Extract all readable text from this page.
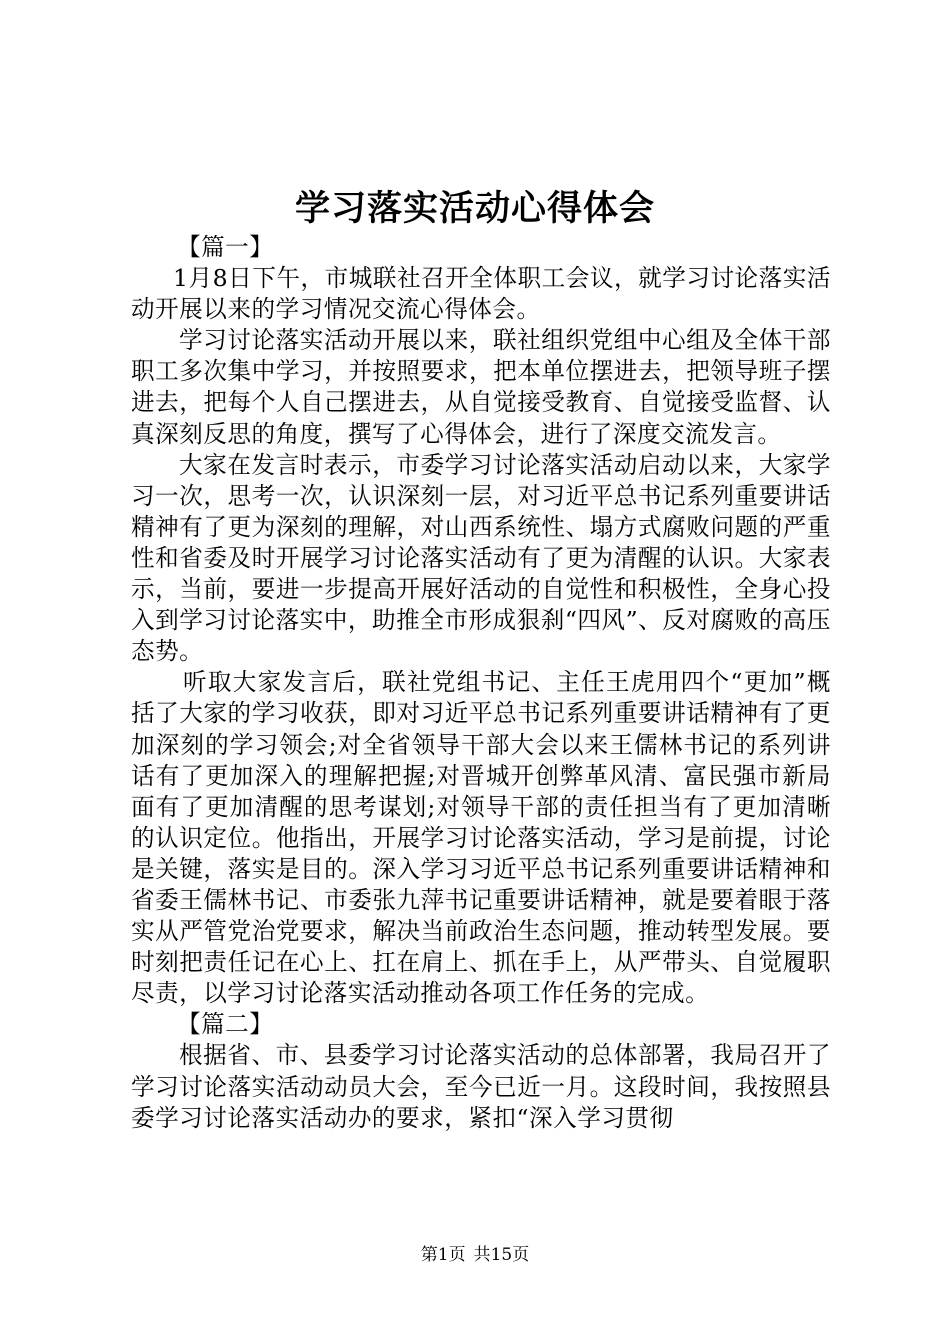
学习落实活动心得体会

【篇一】

1月8日下午，市城联社召开全体职工会议，就学习讨论落实活动开展以来的学习情况交流心得体会。

学习讨论落实活动开展以来，联社组织党组中心组及全体干部职工多次集中学习，并按照要求，把本单位摆进去，把领导班子摆进去，把每个人自己摆进去，从自觉接受教育、自觉接受监督、认真深刻反思的角度，撰写了心得体会，进行了深度交流发言。

大家在发言时表示，市委学习讨论落实活动启动以来，大家学习一次，思考一次，认识深刻一层，对习近平总书记系列重要讲话精神有了更为深刻的理解，对山西系统性、塌方式腐败问题的严重性和省委及时开展学习讨论落实活动有了更为清醒的认识。大家表示，当前，要进一步提高开展好活动的自觉性和积极性，全身心投入到学习讨论落实中，助推全市形成狠刹“四风”、反对腐败的高压态势。

听取大家发言后，联社党组书记、主任王虎用四个“更加”概括了大家的学习收获，即对习近平总书记系列重要讲话精神有了更加深刻的学习领会;对全省领导干部大会以来王儒林书记的系列讲话有了更加深入的理解把握;对晋城开创弊革风清、富民强市新局面有了更加清醒的思考谋划;对领导干部的责任担当有了更加清晰的认识定位。他指出，开展学习讨论落实活动，学习是前提，讨论是关键，落实是目的。深入学习习近平总书记系列重要讲话精神和省委王儒林书记、市委张九萍书记重要讲话精神，就是要着眼于落实从严管党治党要求，解决当前政治生态问题，推动转型发展。要时刻把责任记在心上、扛在肩上、抓在手上，从严带头、自觉履职尽责，以学习讨论落实活动推动各项工作任务的完成。

【篇二】

根据省、市、县委学习讨论落实活动的总体部署，我局召开了学习讨论落实活动动员大会，至今已近一月。这段时间，我按照县委学习讨论落实活动办的要求，紧扣“深入学习贯彻

第1页 共15页
